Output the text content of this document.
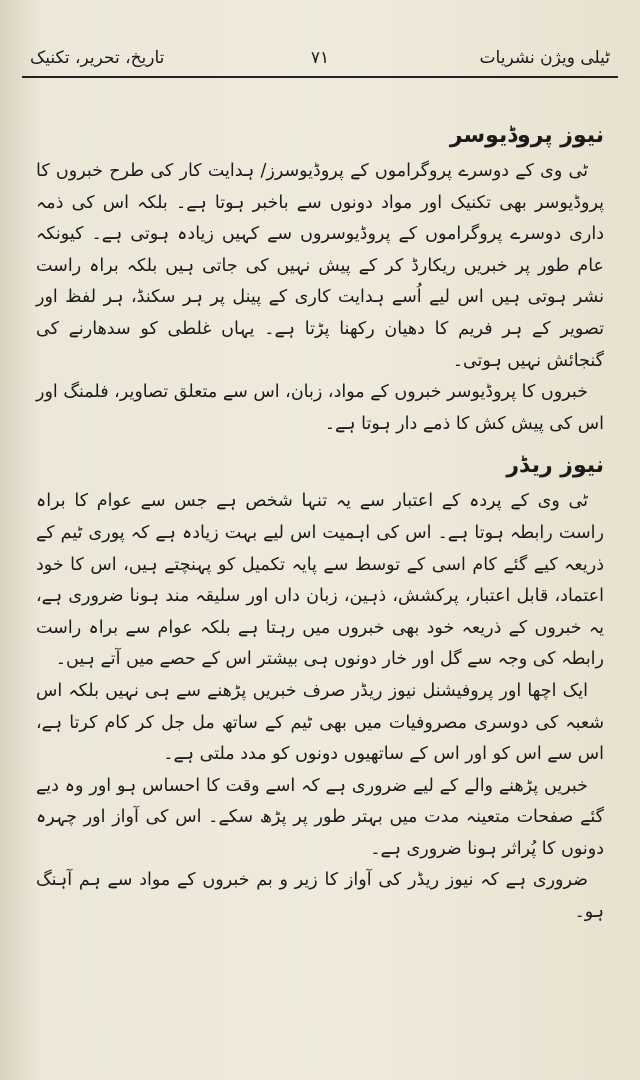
ٹیلی ویژن نشریات
۷۱
تاریخ، تحریر، تکنیک
نیوز پروڈیوسر

ٹی وی کے دوسرے پروگراموں کے پروڈیوسرز/ ہدایت کار کی طرح خبروں کا پروڈیوسر بھی تکنیک اور مواد دونوں سے باخبر ہوتا ہے۔ بلکہ اس کی ذمہ داری دوسرے پروگراموں کے پروڈیوسروں سے کہیں زیادہ ہوتی ہے۔ کیونکہ عام طور پر خبریں ریکارڈ کر کے پیش نہیں کی جاتی ہیں بلکہ براہ راست نشر ہوتی ہیں اس لیے اُسے ہدایت کاری کے پینل پر ہر سکنڈ، ہر لفظ اور تصویر کے ہر فریم کا دھیان رکھنا پڑتا ہے۔ یہاں غلطی کو سدھارنے کی گنجائش نہیں ہوتی۔

خبروں کا پروڈیوسر خبروں کے مواد، زبان، اس سے متعلق تصاویر، فلمنگ اور اس کی پیش کش کا ذمے دار ہوتا ہے۔

نیوز ریڈر

ٹی وی کے پردہ کے اعتبار سے یہ تنہا شخص ہے جس سے عوام کا براہ راست رابطہ ہوتا ہے۔ اس کی اہمیت اس لیے بہت زیادہ ہے کہ پوری ٹیم کے ذریعہ کیے گئے کام اسی کے توسط سے پایہ تکمیل کو پہنچتے ہیں، اس کا خود اعتماد، قابل اعتبار، پرکشش، ذہین، زبان داں اور سلیقہ مند ہونا ضروری ہے، یہ خبروں کے ذریعہ خود بھی خبروں میں رہتا ہے بلکہ عوام سے براہ راست رابطہ کی وجہ سے گل اور خار دونوں ہی بیشتر اس کے حصے میں آتے ہیں۔

ایک اچھا اور پروفیشنل نیوز ریڈر صرف خبریں پڑھنے سے ہی نہیں بلکہ اس شعبہ کی دوسری مصروفیات میں بھی ٹیم کے ساتھ مل جل کر کام کرتا ہے، اس سے اس کو اور اس کے ساتھیوں دونوں کو مدد ملتی ہے۔

خبریں پڑھنے والے کے لیے ضروری ہے کہ اسے وقت کا احساس ہو اور وہ دیے گئے صفحات متعینہ مدت میں بہتر طور پر پڑھ سکے۔ اس کی آواز اور چہرہ دونوں کا پُراثر ہونا ضروری ہے۔

ضروری ہے کہ نیوز ریڈر کی آواز کا زیر و بم خبروں کے مواد سے ہم آہنگ ہو۔
